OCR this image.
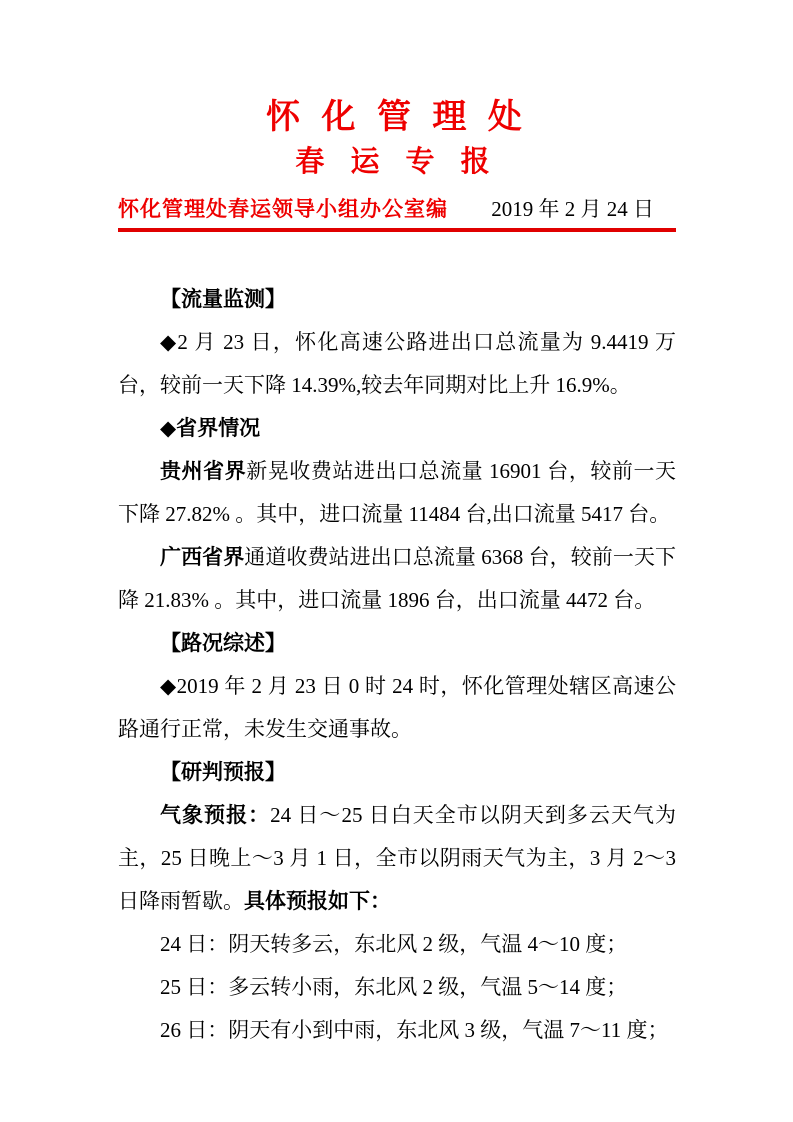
怀 化 管 理 处
春 运 专 报
怀化管理处春运领导小组办公室编 2019 年 2 月 24 日

【流量监测】

◆2 月 23 日，怀化高速公路进出口总流量为 9.4419 万台，较前一天下降 14.39%,较去年同期对比上升 16.9%。

◆省界情况

贵州省界新晃收费站进出口总流量 16901 台，较前一天下降 27.82% 。其中，进口流量 11484 台,出口流量 5417 台。

广西省界通道收费站进出口总流量 6368 台，较前一天下降 21.83% 。其中，进口流量 1896 台，出口流量 4472 台。

【路况综述】

◆2019 年 2 月 23 日 0 时 24 时，怀化管理处辖区高速公路通行正常，未发生交通事故。

【研判预报】

气象预报：24 日～25 日白天全市以阴天到多云天气为主，25 日晚上～3 月 1 日，全市以阴雨天气为主，3 月 2～3 日降雨暂歇。具体预报如下：

24 日：阴天转多云，东北风 2 级，气温 4～10 度；

25 日：多云转小雨，东北风 2 级，气温 5～14 度；

26 日：阴天有小到中雨，东北风 3 级，气温 7～11 度；
